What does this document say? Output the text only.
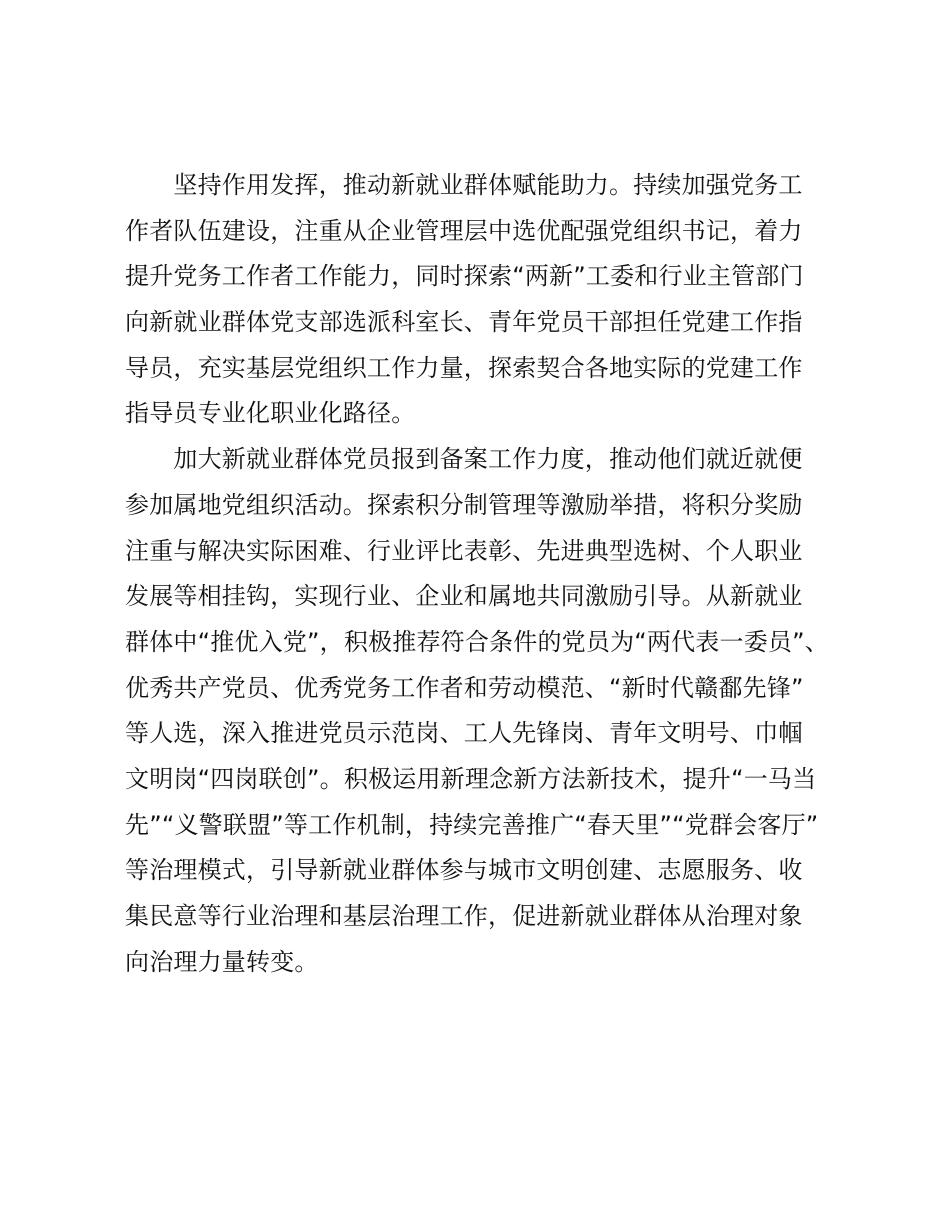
　　坚持作用发挥，推动新就业群体赋能助力。持续加强党务工
作者队伍建设，注重从企业管理层中选优配强党组织书记，着力
提升党务工作者工作能力，同时探索“两新”工委和行业主管部门
向新就业群体党支部选派科室长、青年党员干部担任党建工作指
导员，充实基层党组织工作力量，探索契合各地实际的党建工作
指导员专业化职业化路径。
　　加大新就业群体党员报到备案工作力度，推动他们就近就便
参加属地党组织活动。探索积分制管理等激励举措，将积分奖励
注重与解决实际困难、行业评比表彰、先进典型选树、个人职业
发展等相挂钩，实现行业、企业和属地共同激励引导。从新就业
群体中“推优入党”，积极推荐符合条件的党员为“两代表一委员”、
优秀共产党员、优秀党务工作者和劳动模范、“新时代赣鄱先锋”
等人选，深入推进党员示范岗、工人先锋岗、青年文明号、巾帼
文明岗“四岗联创”。积极运用新理念新方法新技术，提升“一马当
先”“义警联盟”等工作机制，持续完善推广“春天里”“党群会客厅”
等治理模式，引导新就业群体参与城市文明创建、志愿服务、收
集民意等行业治理和基层治理工作，促进新就业群体从治理对象
向治理力量转变。
